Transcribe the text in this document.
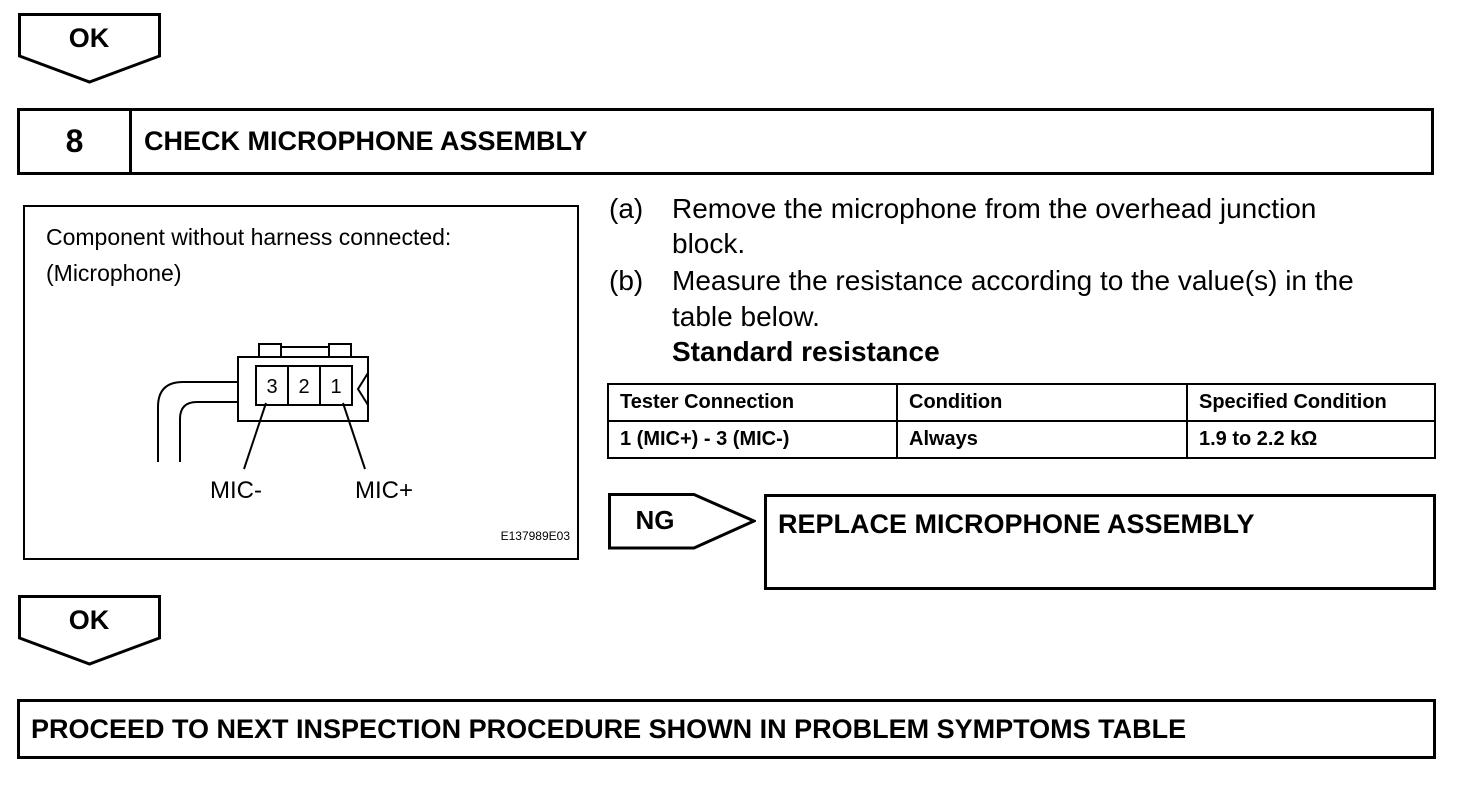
OK
8	CHECK MICROPHONE ASSEMBLY
Component without harness connected:
(Microphone)
3 2 1
MIC-	MIC+
E137989E03
(a) Remove the microphone from the overhead junction
block.
(b) Measure the resistance according to the value(s) in the
table below.
Standard resistance
Tester Connection	Condition	Specified Condition
1 (MIC+) - 3 (MIC-)	Always	1.9 to 2.2 kΩ
NG	REPLACE MICROPHONE ASSEMBLY
OK
PROCEED TO NEXT INSPECTION PROCEDURE SHOWN IN PROBLEM SYMPTOMS TABLE
